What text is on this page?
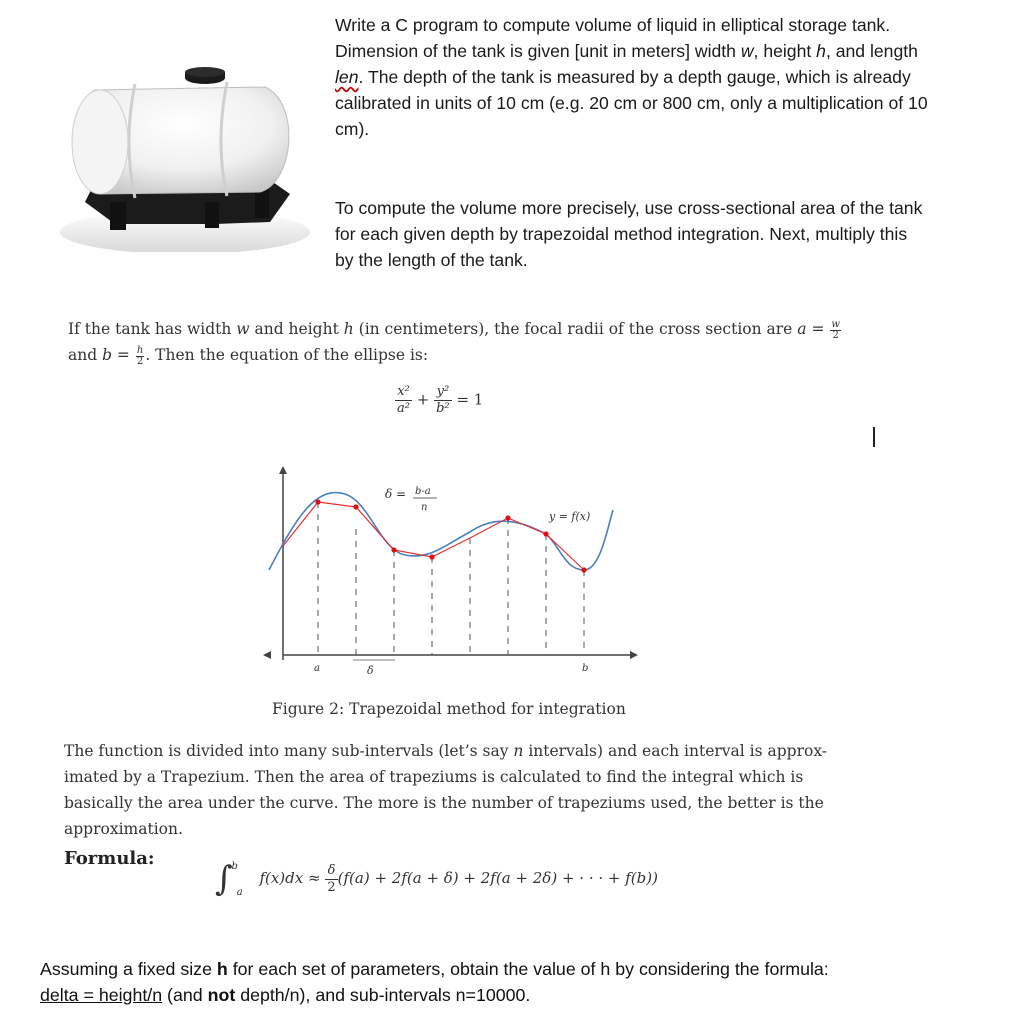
Write a C program to compute volume of liquid in elliptical storage tank.
Dimension of the tank is given [unit in meters] width w, height h, and length
len. The depth of the tank is measured by a depth gauge, which is already
calibrated in units of 10 cm (e.g. 20 cm or 800 cm, only a multiplication of 10
cm).
To compute the volume more precisely, use cross-sectional area of the tank
for each given depth by trapezoidal method integration. Next, multiply this
by the length of the tank.
If the tank has width w and height h (in centimeters), the focal radii of the cross section are $a = \frac{w}{2}$
and $b = \frac{h}{2}$ . Then the equation of the ellipse is:
$\frac{\text{x²}}{\text{a²}} + \frac{\text{y²}}{\text{b²}} = 1$
δ = b-a
n
y = f(x)
a	δ	b
Figure 2: Trapezoidal method for integration
The function is divided into many sub-intervals (let’s say n intervals) and each interval is approx-
imated by a Trapezium. Then the area of trapeziums is calculated to find the integral which is
basically the area under the curve. The more is the number of trapeziums used, the better is the
approximation.
Formula:
∫ $^b$ $_a$ $f(x)dx \approx \frac{\delta}{2} (f(a) + 2f(a + \delta) + 2f(a + 2\delta)$ + · · · + f(b))
Assuming a fixed size h for each set of parameters, obtain the value of h by considering the formula:
delta = height/n (and not depth/n), and sub-intervals n=10000.
